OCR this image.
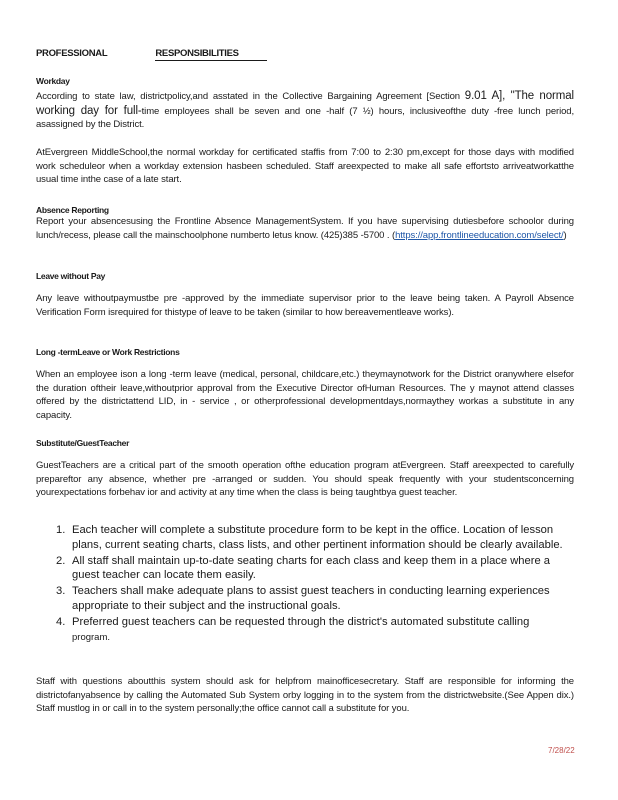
PROFESSIONAL	RESPONSIBILITIES
Workday
According to state law, districtpolicy,and asstated in the Collective Bargaining Agreement [Section 9.01 A], "The normal working day for full-time employees shall be seven and one -half (7 ½) hours, inclusiveofthe duty -free lunch period, asassigned by the District.
AtEvergreen MiddleSchool,the normal workday for certificated staffis from 7:00 to 2:30 pm,except for those days with modified work scheduleor when a workday extension hasbeen scheduled. Staff areexpected to make all safe effortsto arriveatworkatthe usual time inthe case of a late start.
Absence Reporting
Report your absencesusing the Frontline Absence ManagementSystem. If you have supervising dutiesbefore schoolor during lunch/recess, please call the mainschoolphone numberto letus know. (425)385 -5700 . (https://app.frontlineeducation.com/select/)
Leave without Pay
Any leave withoutpaymustbe pre -approved by the immediate supervisor prior to the leave being taken. A Payroll Absence Verification Form isrequired for thistype of leave to be taken (similar to how bereavementleave works).
Long -termLeave or Work Restrictions
When an employee ison a long -term leave (medical, personal, childcare,etc.) theymaynotwork for the District oranywhere elsefor the duration oftheir leave,withoutprior approval from the Executive Director ofHuman Resources. The y maynot attend classes offered by the districtattend LID, in - service , or otherprofessional developmentdays,normaythey workas a substitute in any capacity.
Substitute/GuestTeacher
GuestTeachers are a critical part of the smooth operation ofthe education program atEvergreen. Staff areexpected to carefully prepareftor any absence, whether pre -arranged or sudden. You should speak frequently with your studentsconcerning yourexpectations forbehav ior and activity at any time when the class is being taughtbya guest teacher.
1. Each teacher will complete a substitute procedure form to be kept in the office. Location of lesson plans, current seating charts, class lists, and other pertinent information should be clearly available.
2. All staff shall maintain up-to-date seating charts for each class and keep them in a place where a guest teacher can locate them easily.
3. Teachers shall make adequate plans to assist guest teachers in conducting learning experiences appropriate to their subject and the instructional goals.
4. Preferred guest teachers can be requested through the district's automated substitute calling
program.
Staff with questions aboutthis system should ask for helpfrom mainofficesecretary. Staff are responsible for informing the districtofanyabsence by calling the Automated Sub System orby logging in to the system from the districtwebsite.(See Appen dix.) Staff mustlog in or call in to the system personally;the office cannot call a substitute for you.
7/28/22
